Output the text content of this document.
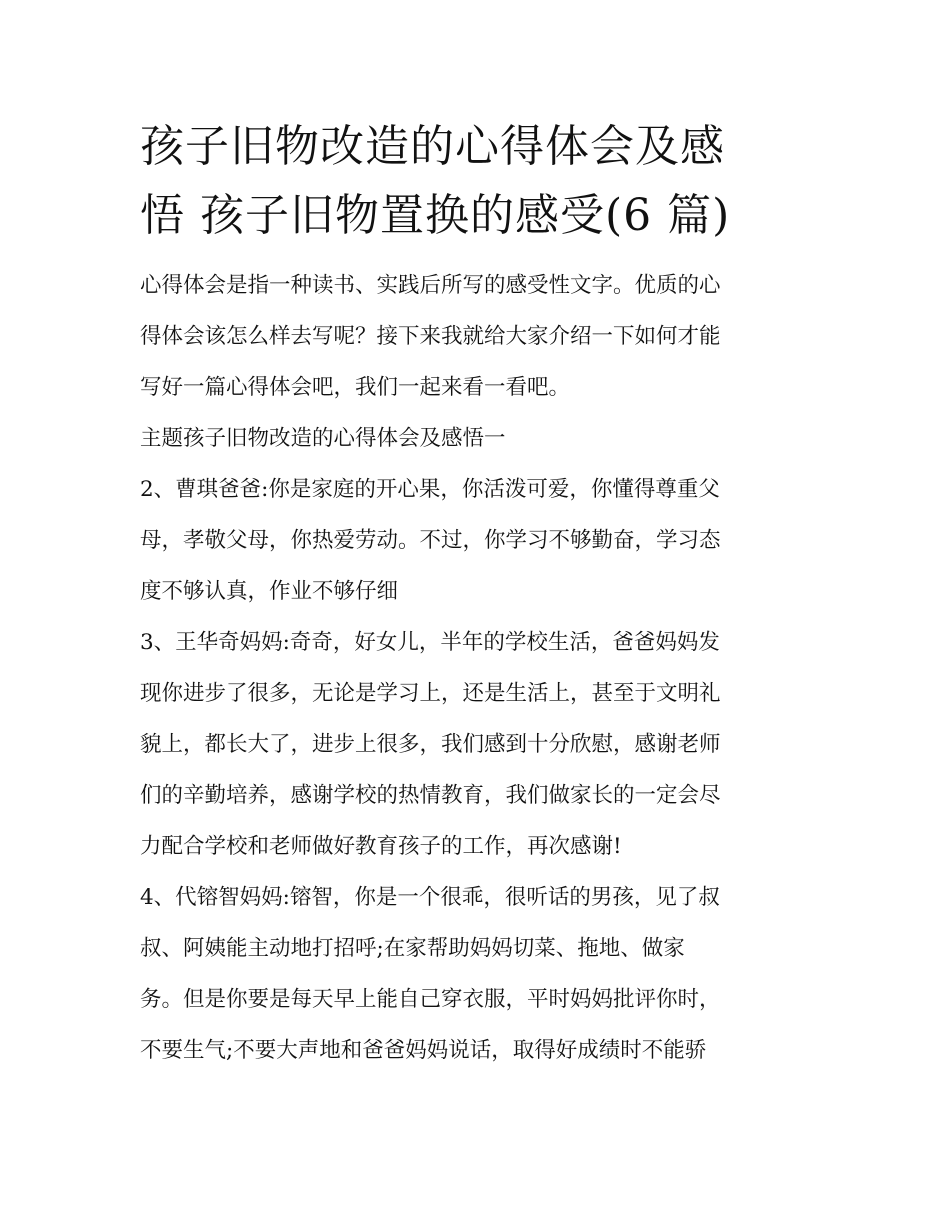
孩子旧物改造的心得体会及感
悟 孩子旧物置换的感受(6 篇)

心得体会是指一种读书、实践后所写的感受性文字。优质的心
得体会该怎么样去写呢？接下来我就给大家介绍一下如何才能
写好一篇心得体会吧，我们一起来看一看吧。

主题孩子旧物改造的心得体会及感悟一

2、曹琪爸爸:你是家庭的开心果，你活泼可爱，你懂得尊重父
母，孝敬父母，你热爱劳动。不过，你学习不够勤奋，学习态
度不够认真，作业不够仔细

3、王华奇妈妈:奇奇，好女儿，半年的学校生活，爸爸妈妈发
现你进步了很多，无论是学习上，还是生活上，甚至于文明礼
貌上，都长大了，进步上很多，我们感到十分欣慰，感谢老师
们的辛勤培养，感谢学校的热情教育，我们做家长的一定会尽
力配合学校和老师做好教育孩子的工作，再次感谢!

4、代镕智妈妈:镕智，你是一个很乖，很听话的男孩，见了叔
叔、阿姨能主动地打招呼;在家帮助妈妈切菜、拖地、做家
务。但是你要是每天早上能自己穿衣服，平时妈妈批评你时，
不要生气;不要大声地和爸爸妈妈说话，取得好成绩时不能骄
